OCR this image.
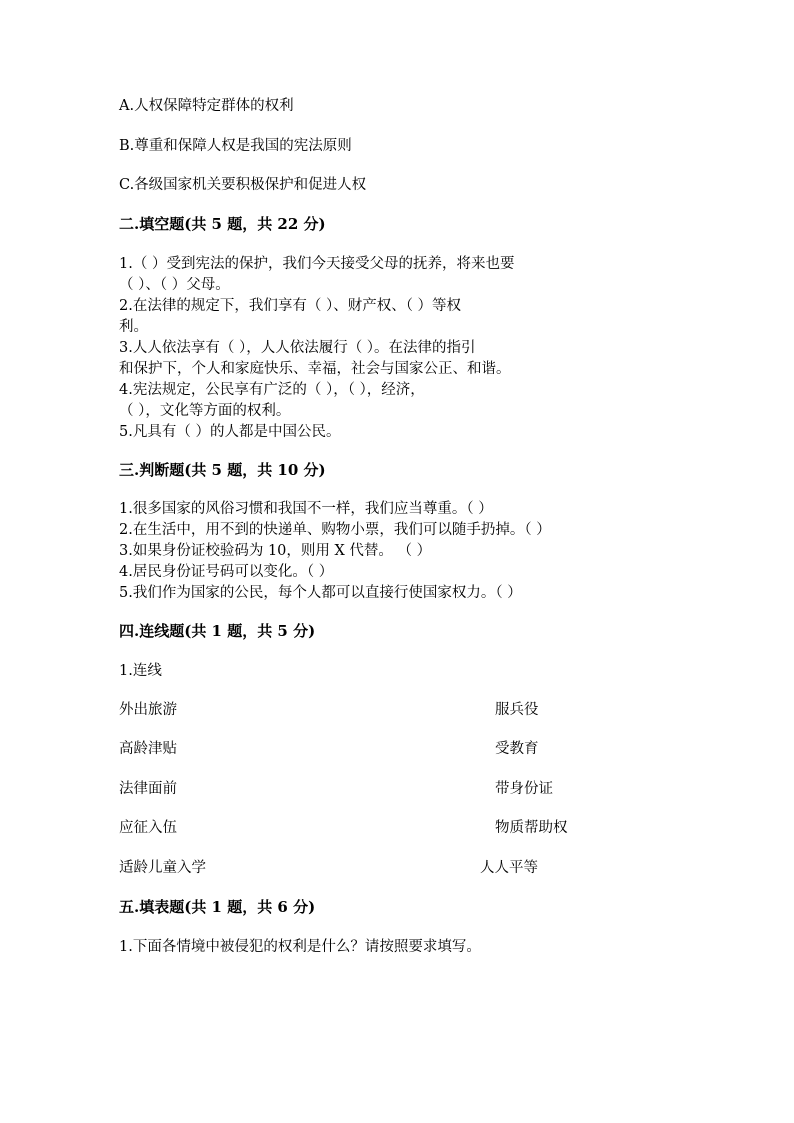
A.人权保障特定群体的权利
B.尊重和保障人权是我国的宪法原则
C.各级国家机关要积极保护和促进人权
二.填空题(共 5 题，共 22 分)
1.（ ）受到宪法的保护，我们今天接受父母的抚养，将来也要
（ ）、（ ）父母。
2.在法律的规定下，我们享有（ ）、财产权、（ ）等权
利。
3.人人依法享有（ ），人人依法履行（ ）。在法律的指引
和保护下，个人和家庭快乐、幸福，社会与国家公正、和谐。
4.宪法规定，公民享有广泛的（ ），（ ），经济，
（ ），文化等方面的权利。
5.凡具有（ ）的人都是中国公民。
三.判断题(共 5 题，共 10 分)
1.很多国家的风俗习惯和我国不一样，我们应当尊重。（ ）
2.在生活中，用不到的快递单、购物小票，我们可以随手扔掉。（ ）
3.如果身份证校验码为 10，则用 X 代替。 （ ）
4.居民身份证号码可以变化。（ ）
5.我们作为国家的公民，每个人都可以直接行使国家权力。（ ）
四.连线题(共 1 题，共 5 分)
1.连线
外出旅游	服兵役
高龄津贴	受教育
法律面前	带身份证
应征入伍	物质帮助权
适龄儿童入学	人人平等
五.填表题(共 1 题，共 6 分)
1.下面各情境中被侵犯的权利是什么？请按照要求填写。
